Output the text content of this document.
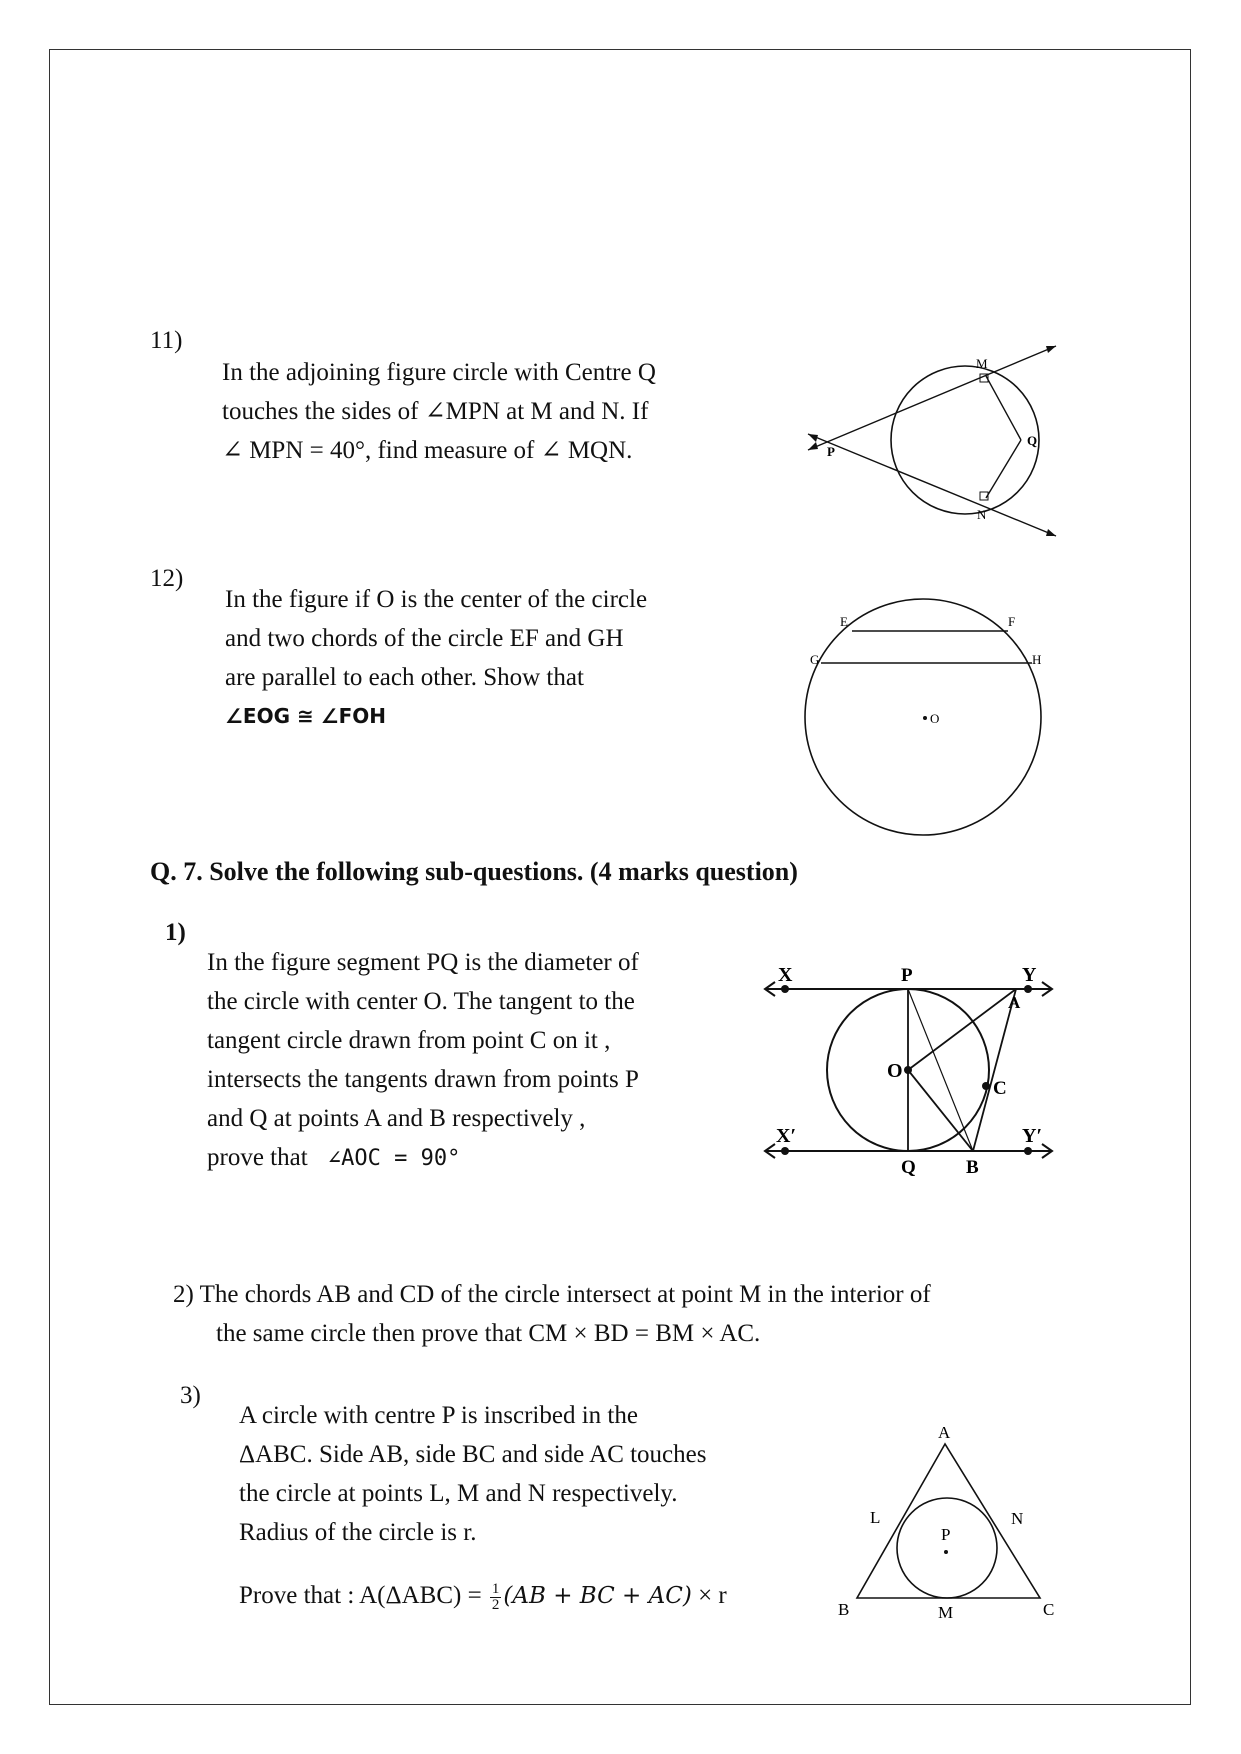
11)
In the adjoining figure circle with Centre Q
touches the sides of ∠MPN at M and N. If
∠ MPN = 40°, find measure of ∠ MQN.
M
N
P
Q
12)
In the figure if O is the center of the circle
and two chords of the circle EF and GH
are parallel to each other. Show that
∠EOG ≅ ∠FOH
E	F
G	H
O
Q. 7. Solve the following sub-questions. (4 marks question)
1)
In the figure segment PQ is the diameter of
the circle with center O. The tangent to the
tangent circle drawn from point C on it ,
intersects the tangents drawn from points P
and Q at points A and B respectively ,
prove that ∠AOC = 90°
X	Y
X′	Y′
P
Q
O
A
B
C
2) The chords AB and CD of the circle intersect at point M in the interior of
the same circle then prove that CM × BD = BM × AC.
3)
A circle with centre P is inscribed in the
ΔABC. Side AB, side BC and side AC touches
the circle at points L, M and N respectively.
Radius of the circle is r.
Prove that : $A(\Delta ABC) = \frac{1}{2} (AB$ + BC + AC) × r
A
B	C
L
M
N
P
